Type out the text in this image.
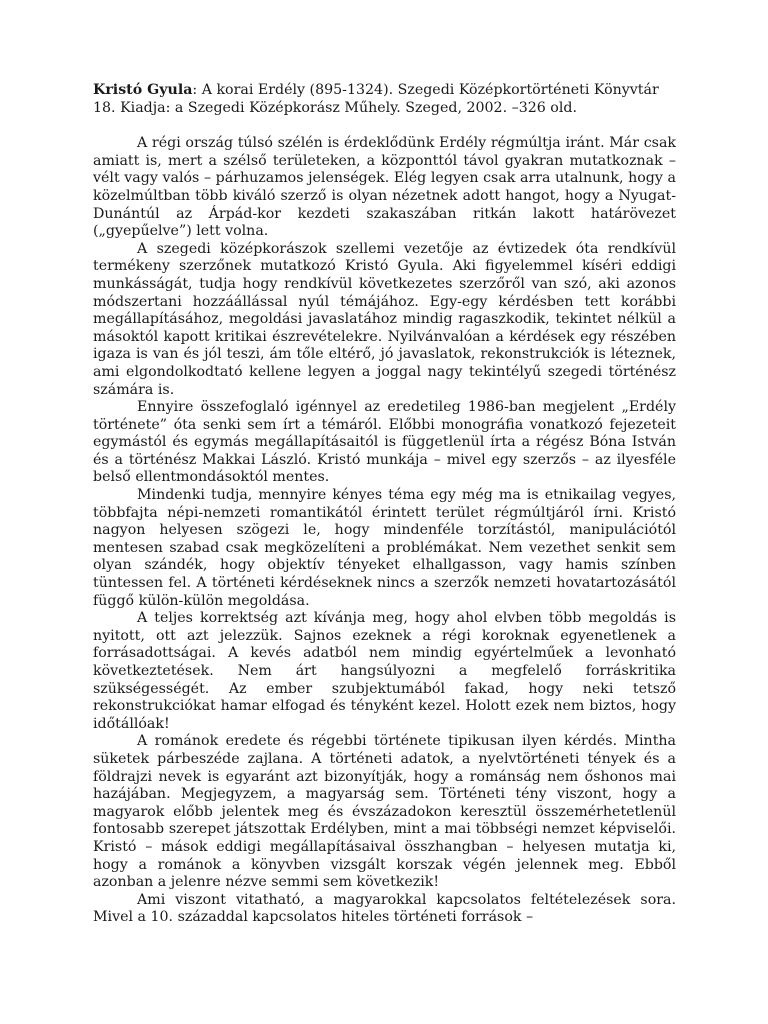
Kristó Gyula: A korai Erdély (895-1324). Szegedi Középkortörténeti Könyvtár 18. Kiadja: a Szegedi Középkorász Műhely. Szeged, 2002. –326 old.

A régi ország túlsó szélén is érdeklődünk Erdély régmúltja iránt. Már csak amiatt is, mert a szélső területeken, a központtól távol gyakran mutatkoznak – vélt vagy valós – párhuzamos jelenségek. Elég legyen csak arra utalnunk, hogy a közelmúltban több kiváló szerző is olyan nézetnek adott hangot, hogy a Nyugat-Dunántúl az Árpád-kor kezdeti szakaszában ritkán lakott határövezet („gyepűelve”) lett volna.

A szegedi középkorászok szellemi vezetője az évtizedek óta rendkívül termékeny szerzőnek mutatkozó Kristó Gyula. Aki figyelemmel kíséri eddigi munkásságát, tudja hogy rendkívül következetes szerzőről van szó, aki azonos módszertani hozzáállással nyúl témájához. Egy-egy kérdésben tett korábbi megállapításához, megoldási javaslatához mindig ragaszkodik, tekintet nélkül a másoktól kapott kritikai észrevételekre. Nyilvánvalóan a kérdések egy részében igaza is van és jól teszi, ám tőle eltérő, jó javaslatok, rekonstrukciók is léteznek, ami elgondolkodtató kellene legyen a joggal nagy tekintélyű szegedi történész számára is.

Ennyire összefoglaló igénnyel az eredetileg 1986-ban megjelent „Erdély története” óta senki sem írt a témáról. Előbbi monográfia vonatkozó fejezeteit egymástól és egymás megállapításaitól is függetlenül írta a régész Bóna István és a történész Makkai László. Kristó munkája – mivel egy szerzős – az ilyesféle belső ellentmondásoktól mentes.

Mindenki tudja, mennyire kényes téma egy még ma is etnikailag vegyes, többfajta népi-nemzeti romantikától érintett terület régmúltjáról írni. Kristó nagyon helyesen szögezi le, hogy mindenféle torzítástól, manipulációtól mentesen szabad csak megközelíteni a problémákat. Nem vezethet senkit sem olyan szándék, hogy objektív tényeket elhallgasson, vagy hamis színben tüntessen fel. A történeti kérdéseknek nincs a szerzők nemzeti hovatartozásától függő külön-külön megoldása.

A teljes korrektség azt kívánja meg, hogy ahol elvben több megoldás is nyitott, ott azt jelezzük. Sajnos ezeknek a régi koroknak egyenetlenek a forrásadottságai. A kevés adatból nem mindig egyértelműek a levonható következtetések. Nem árt hangsúlyozni a megfelelő forráskritika szükségességét. Az ember szubjektumából fakad, hogy neki tetsző rekonstrukciókat hamar elfogad és tényként kezel. Holott ezek nem biztos, hogy időtállóak!

A románok eredete és régebbi története tipikusan ilyen kérdés. Mintha süketek párbeszéde zajlana. A történeti adatok, a nyelvtörténeti tények és a földrajzi nevek is egyaránt azt bizonyítják, hogy a románság nem őshonos mai hazájában. Megjegyzem, a magyarság sem. Történeti tény viszont, hogy a magyarok előbb jelentek meg és évszázadokon keresztül összemérhetetlenül fontosabb szerepet játszottak Erdélyben, mint a mai többségi nemzet képviselői. Kristó – mások eddigi megállapításaival összhangban – helyesen mutatja ki, hogy a románok a könyvben vizsgált korszak végén jelennek meg. Ebből azonban a jelenre nézve semmi sem következik!

Ami viszont vitatható, a magyarokkal kapcsolatos feltételezések sora. Mivel a 10. századdal kapcsolatos hiteles történeti források –
